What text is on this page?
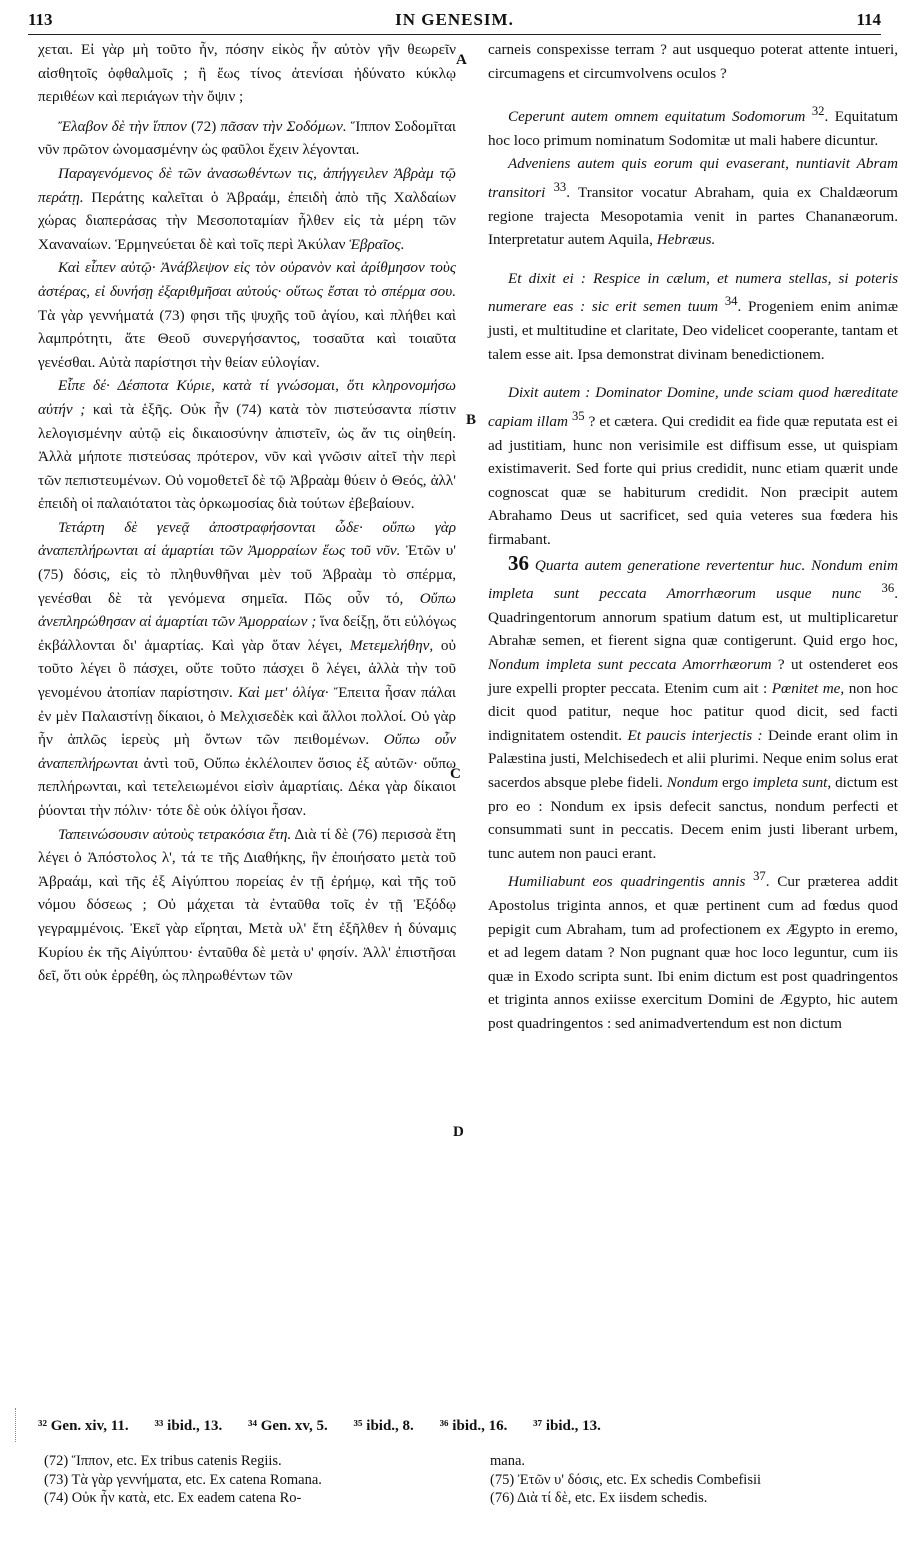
113	IN GENESIM.	114

χεται. Εἰ γὰρ μὴ τοῦτο ἦν, πόσην εἰκὸς ἦν αὐτὸν γῆν θεωρεῖν αἰσθητοῖς ὀφθαλμοῖς ; ἢ ἕως τίνος ἀτενίσαι ἠδύνατο κύκλῳ περιθέων καὶ περιάγων τὴν ὄψιν ;

Ἔλαβον δὲ τὴν ἵππον (72) πᾶσαν τὴν Σοδόμων. Ἵππον Σοδομῖται νῦν πρῶτον ὠνομασμένην ὡς φαῦλοι ἔχειν λέγονται.

Παραγενόμενος δὲ τῶν ἀνασωθέντων τις, ἀπήγγειλεν Ἀβρὰμ τῷ περάτῃ. Περάτης καλεῖται ὁ Ἀβραάμ, ἐπειδὴ ἀπὸ τῆς Χαλδαίων χώρας διαπεράσας τὴν Μεσοποταμίαν ἦλθεν εἰς τὰ μέρη τῶν Χαναναίων. Ἑρμηνεύεται δὲ καὶ τοῖς περὶ Ἀκύλαν Ἑβραῖος.

Καὶ εἶπεν αὐτῷ· Ἀνάβλεψον εἰς τὸν οὐρανὸν καὶ ἀρίθμησον τοὺς ἀστέρας, εἰ δυνήσῃ ἐξαριθμῆσαι αὐτούς· οὕτως ἔσται τὸ σπέρμα σου. Τὰ γὰρ γεννήματά (73) φησι τῆς ψυχῆς τοῦ ἁγίου, καὶ πλήθει καὶ λαμπρότητι, ἅτε Θεοῦ συνεργήσαντος, τοσαῦτα καὶ τοιαῦτα γενέσθαι. Αὐτὰ παρίστησι τὴν θείαν εὐλογίαν.

Εἶπε δέ· Δέσποτα Κύριε, κατὰ τί γνώσομαι, ὅτι κληρονομήσω αὐτήν ; καὶ τὰ ἑξῆς. Οὐκ ἦν (74) κατὰ τὸν πιστεύσαντα πίστιν λελογισμένην αὐτῷ εἰς δικαιοσύνην ἀπιστεῖν, ὡς ἄν τις οἰηθείη. Ἀλλὰ μήποτε πιστεύσας πρότερον, νῦν καὶ γνῶσιν αἰτεῖ τὴν περὶ τῶν πεπιστευμένων. Οὐ νομοθετεῖ δὲ τῷ Ἀβραὰμ θύειν ὁ Θεός, ἀλλ' ἐπειδὴ οἱ παλαιότατοι τὰς ὁρκωμοσίας διὰ τούτων ἐβεβαίουν.

Τετάρτη δὲ γενεᾷ ἀποστραφήσονται ὧδε· οὔπω γὰρ ἀναπεπλήρωνται αἱ ἁμαρτίαι τῶν Ἀμορραίων ἕως τοῦ νῦν. Ἐτῶν υ' (75) δόσις, εἰς τὸ πληθυνθῆναι μὲν τοῦ Ἀβραὰμ τὸ σπέρμα, γενέσθαι δὲ τὰ γενόμενα σημεῖα. Πῶς οὖν τό, Οὔπω ἀνεπληρώθησαν αἱ ἁμαρτίαι τῶν Ἀμορραίων ; ἵνα δείξῃ, ὅτι εὐλόγως ἐκβάλλονται δι' ἁμαρτίας. Καὶ γὰρ ὅταν λέγει, Μετεμελήθην, οὐ τοῦτο λέγει ὃ πάσχει, οὔτε τοῦτο πάσχει ὃ λέγει, ἀλλὰ τὴν τοῦ γενομένου ἀτοπίαν παρίστησιν. Καὶ μετ' ὀλίγα· Ἔπειτα ἦσαν πάλαι ἐν μὲν Παλαιστίνῃ δίκαιοι, ὁ Μελχισεδὲκ καὶ ἄλλοι πολλοί. Οὐ γὰρ ἦν ἁπλῶς ἱερεὺς μὴ ὄντων τῶν πειθομένων. Οὔπω οὖν ἀναπεπλήρωνται ἀντὶ τοῦ, Οὔπω ἐκλέλοιπεν ὅσιος ἐξ αὐτῶν· οὔπω πεπλήρωνται, καὶ τετελειωμένοι εἰσὶν ἁμαρτίαις. Δέκα γὰρ δίκαιοι ῥύονται τὴν πόλιν· τότε δὲ οὐκ ὀλίγοι ἦσαν.

Ταπεινώσουσιν αὐτοὺς τετρακόσια ἔτη. Διὰ τί δὲ (76) περισσὰ ἔτη λέγει ὁ Ἀπόστολος λ', τά τε τῆς Διαθήκης, ἣν ἐποιήσατο μετὰ τοῦ Ἀβραάμ, καὶ τῆς ἐξ Αἰγύπτου πορείας ἐν τῇ ἐρήμῳ, καὶ τῆς τοῦ νόμου δόσεως ; Οὐ μάχεται τὰ ἐνταῦθα τοῖς ἐν τῇ Ἐξόδῳ γεγραμμένοις. Ἐκεῖ γὰρ εἴρηται, Μετὰ υλ' ἔτη ἐξῆλθεν ἡ δύναμις Κυρίου ἐκ τῆς Αἰγύπτου· ἐνταῦθα δὲ μετὰ υ' φησίν. Ἀλλ' ἐπιστῆσαι δεῖ, ὅτι οὐκ ἐρρέθη, ὡς πληρωθέντων τῶν

A
B
C
D

carneis conspexisse terram ? aut usquequo poterat attente intueri, circumagens et circumvolvens oculos ?

Ceperunt autem omnem equitatum Sodomorum $^{32}$. Equitatum hoc loco primum nominatum Sodomitæ ut mali habere dicuntur.

Adveniens autem quis eorum qui evaserant, nuntiavit Abram transitori $^{33}$. Transitor vocatur Abraham, quia ex Chaldæorum regione trajecta Mesopotamia venit in partes Chananæorum. Interpretatur autem Aquila, Hebræus.

Et dixit ei : Respice in cælum, et numera stellas, si poteris numerare eas : sic erit semen tuum $^{34}$. Progeniem enim animæ justi, et multitudine et claritate, Deo videlicet cooperante, tantam et talem esse ait. Ipsa demonstrat divinam benedictionem.

Dixit autem : Dominator Domine, unde sciam quod hæreditate capiam illam $^{35}$ ? et cætera. Qui credidit ea fide quæ reputata est ei ad justitiam, hunc non verisimile est diffisum esse, ut quispiam existimaverit. Sed forte qui prius credidit, nunc etiam quærit unde cognoscat quæ se habiturum credidit. Non præcipit autem Abrahamo Deus ut sacrificet, sed quia veteres sua fœdera his firmabant.

36 Quarta autem generatione revertentur huc. Nondum enim impleta sunt peccata Amorrhæorum usque nunc $^{36}$. Quadringentorum annorum spatium datum est, ut multiplicaretur Abrahæ semen, et fierent signa quæ contigerunt. Quid ergo hoc, Nondum impleta sunt peccata Amorrhæorum ? ut ostenderet eos jure expelli propter peccata. Etenim cum ait : Pœnitet me, non hoc dicit quod patitur, neque hoc patitur quod dicit, sed facti indignitatem ostendit. Et paucis interjectis : Deinde erant olim in Palæstina justi, Melchisedech et alii plurimi. Neque enim solus erat sacerdos absque plebe fideli. Nondum ergo impleta sunt, dictum est pro eo : Nondum ex ipsis defecit sanctus, nondum perfecti et consummati sunt in peccatis. Decem enim justi liberant urbem, tunc autem non pauci erant.

Humiliabunt eos quadringentis annis $^{37}$. Cur præterea addit Apostolus triginta annos, et quæ pertinent cum ad fœdus quod pepigit cum Abraham, tum ad profectionem ex Ægypto in eremo, et ad legem datam ? Non pugnant quæ hoc loco leguntur, cum iis quæ in Exodo scripta sunt. Ibi enim dictum est post quadringentos et triginta annos exiisse exercitum Domini de Ægypto, hic autem post quadringentos : sed animadvertendum est non dictum

³² Gen. xiv, 11. ³³ ibid., 13. ³⁴ Gen. xv, 5. ³⁵ ibid., 8. ³⁶ ibid., 16. ³⁷ ibid., 13.
(72) Ἵππον, etc. Ex tribus catenis Regiis.
(73) Τὰ γὰρ γεννήματα, etc. Ex catena Romana.
(74) Οὐκ ἦν κατὰ, etc. Ex eadem catena Ro-
mana.
(75) Ἐτῶν υ' δόσις, etc. Ex schedis Combefisii
(76) Διὰ τί δὲ, etc. Ex iisdem schedis.
